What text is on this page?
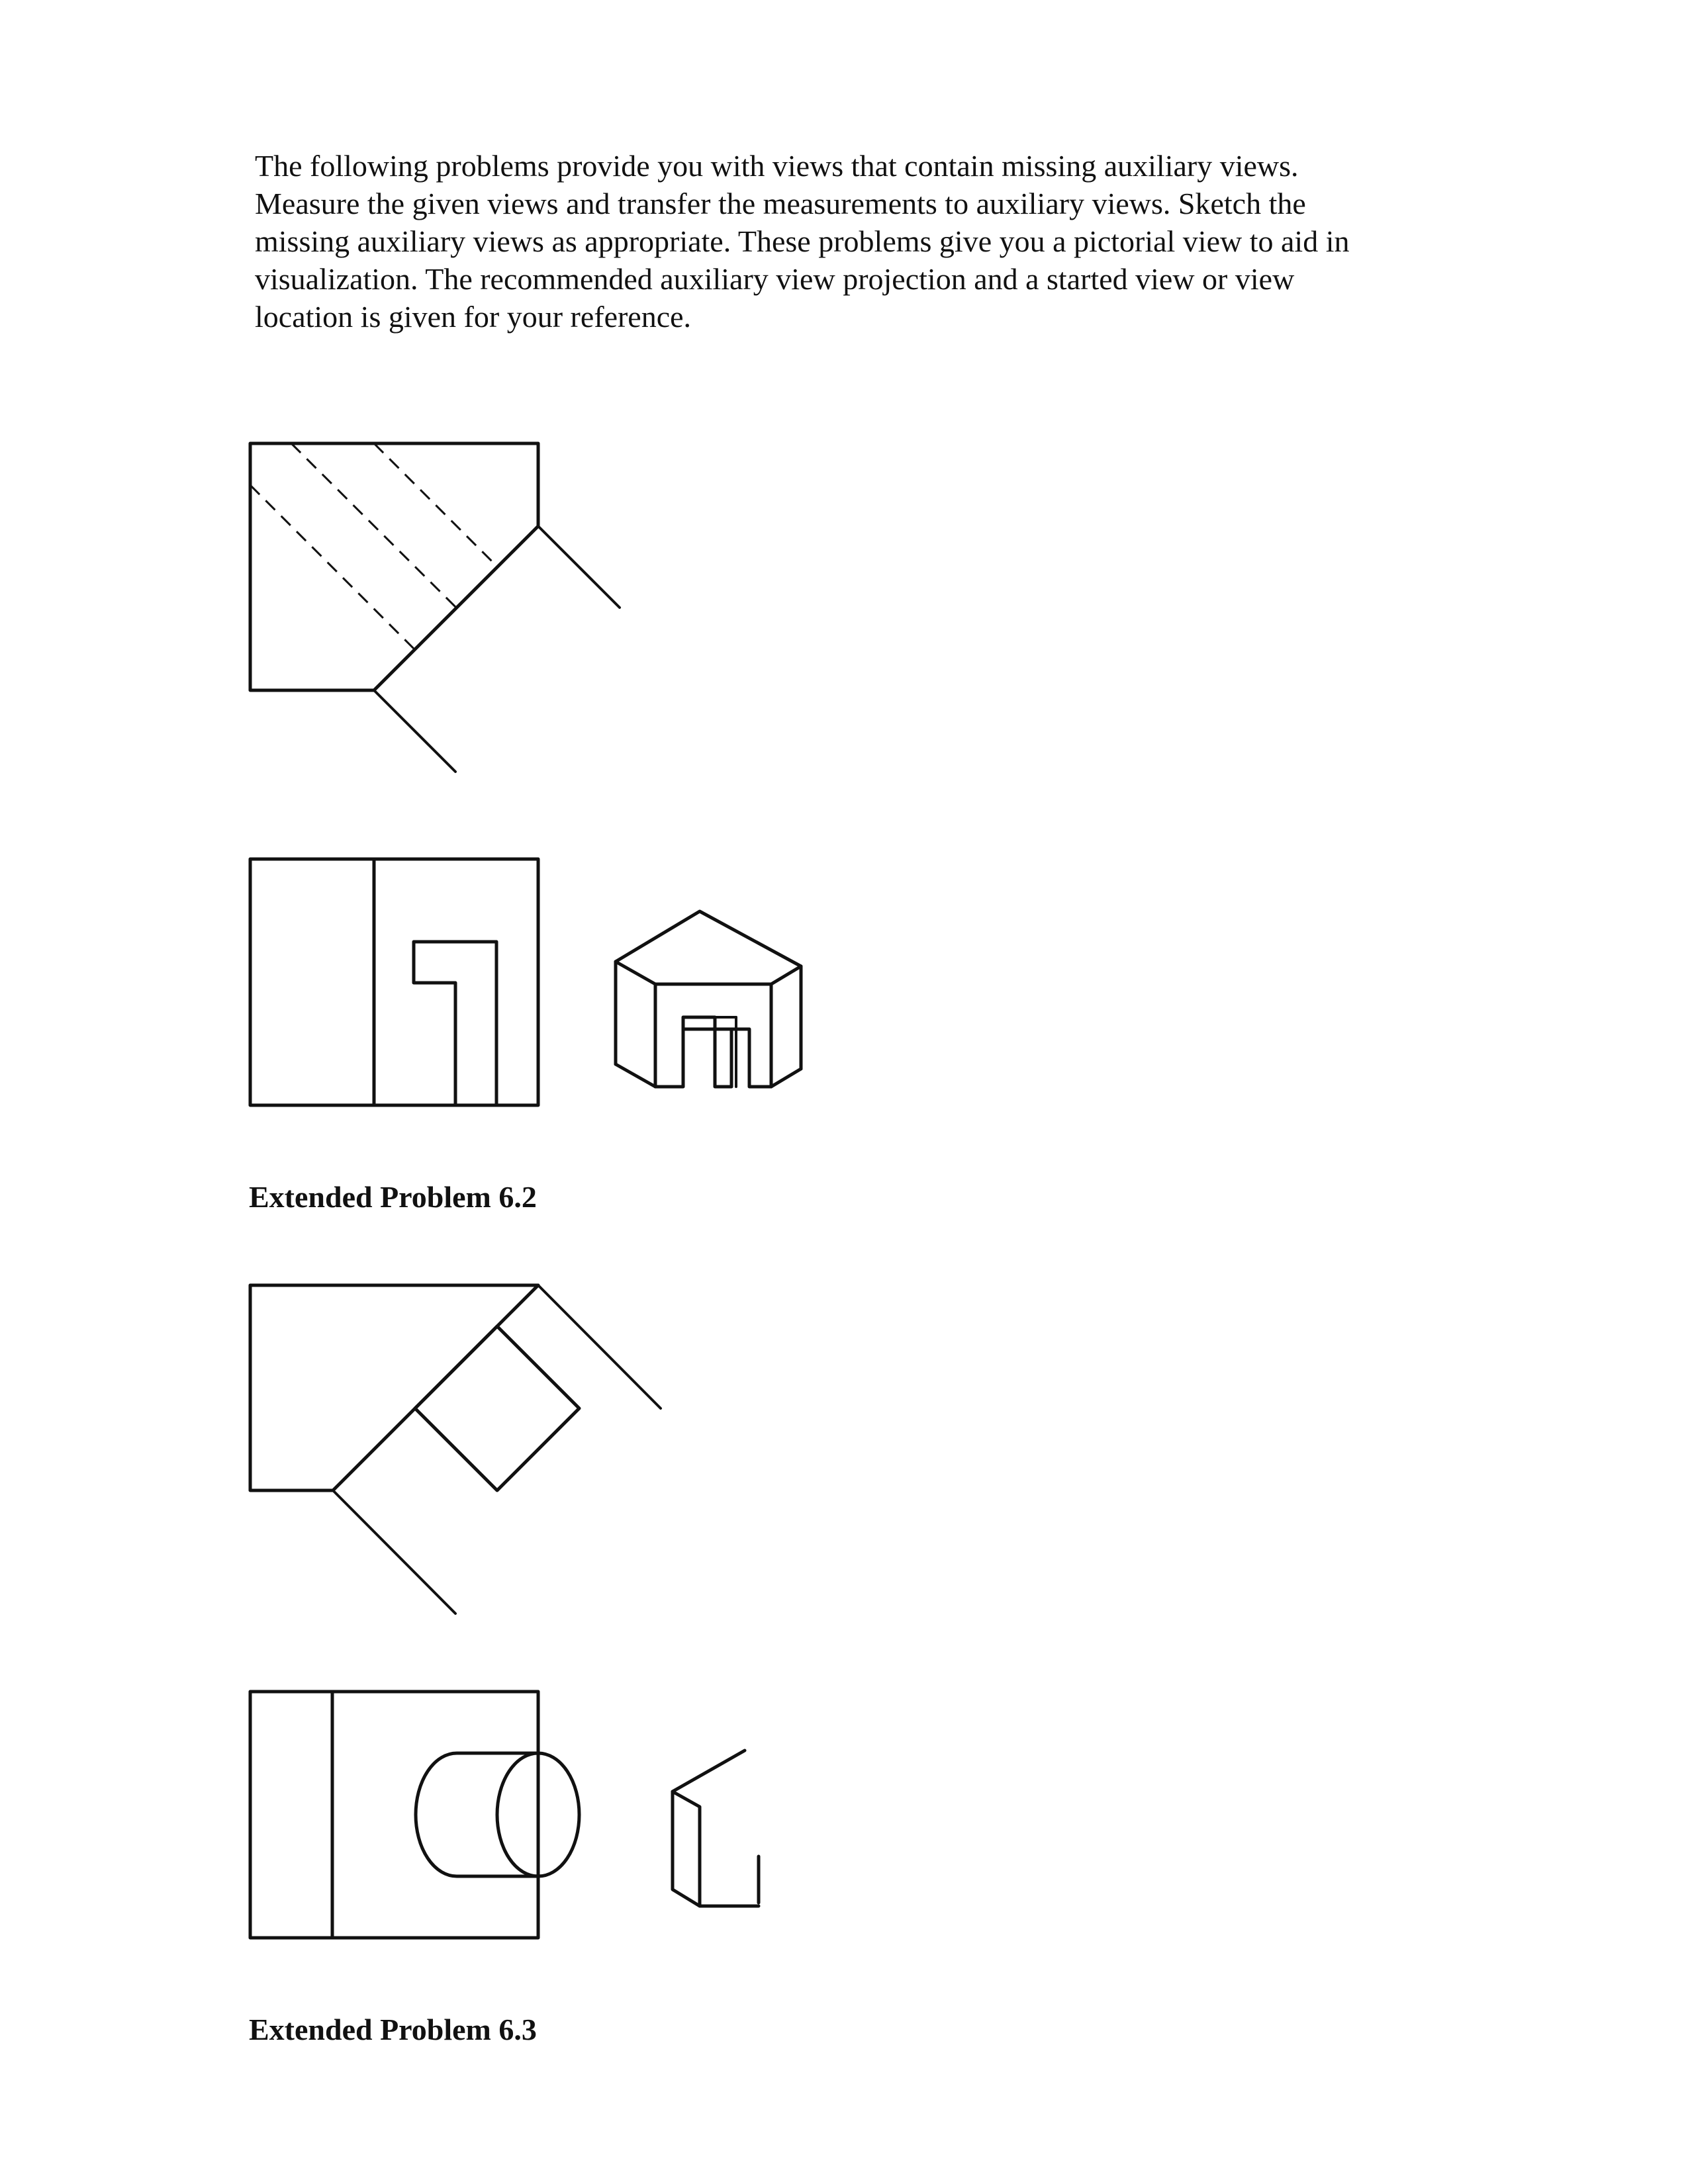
The following problems provide you with views that contain missing auxiliary views.
Measure the given views and transfer the measurements to auxiliary views. Sketch the
missing auxiliary views as appropriate. These problems give you a pictorial view to aid in
visualization. The recommended auxiliary view projection and a started view or view
location is given for your reference.

Extended Problem 6.2

Extended Problem 6.3
